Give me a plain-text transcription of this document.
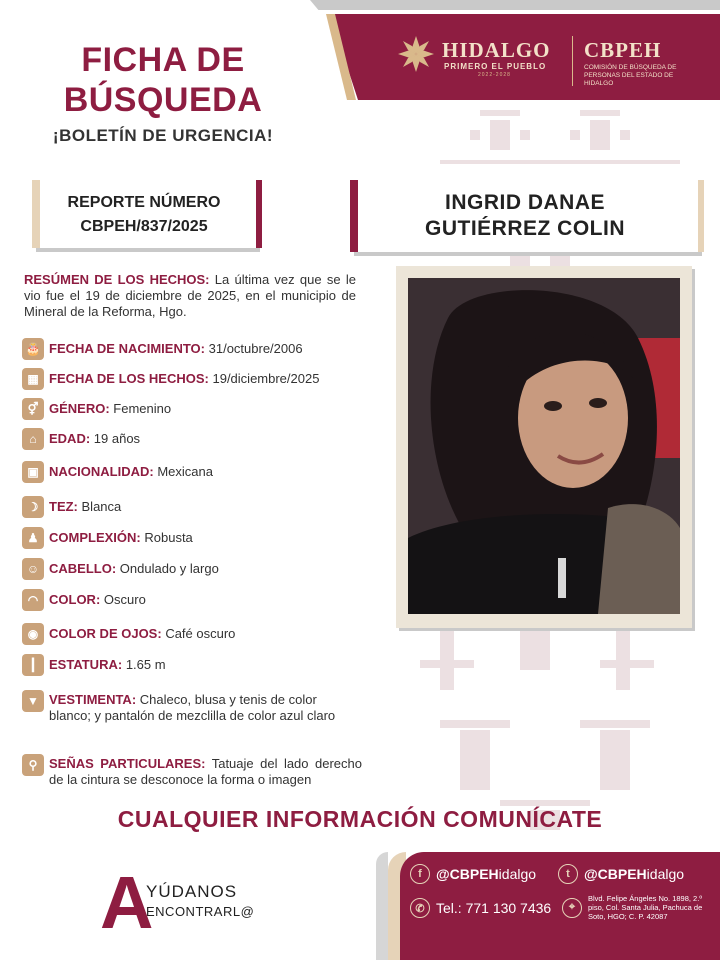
HIDALGO
PRIMERO EL PUEBLO
2022-2028
CBPEH
COMISIÓN DE BÚSQUEDA DE PERSONAS DEL ESTADO DE HIDALGO
FICHA DE
BÚSQUEDA
¡BOLETÍN DE URGENCIA!
REPORTE NÚMERO
CBPEH/837/2025
INGRID DANAE
GUTIÉRREZ COLIN
RESÚMEN DE LOS HECHOS: La última vez que se le vio fue el 19 de diciembre de 2025, en el municipio de Mineral de la Reforma, Hgo.
🎂 FECHA DE NACIMIENTO: 31/octubre/2006
▦ FECHA DE LOS HECHOS: 19/diciembre/2025
⚥ GÉNERO: Femenino
⌂ EDAD: 19 años
▣ NACIONALIDAD: Mexicana
☽ TEZ: Blanca
♟ COMPLEXIÓN: Robusta
☺ CABELLO: Ondulado y largo
◠ COLOR: Oscuro
◉ COLOR DE OJOS: Café oscuro
┃ ESTATURA: 1.65 m
▼ VESTIMENTA: Chaleco, blusa y tenis de color blanco; y pantalón de mezclilla de color azul claro
⚲ SEÑAS PARTICULARES: Tatuaje del lado derecho de la cintura se desconoce la forma o imagen
CUALQUIER INFORMACIÓN COMUNÍCATE
f	@CBPEHidalgo	t	@CBPEHidalgo
✆ Tel.: 771 130 7436	⌖
Blvd. Felipe Ángeles No. 1898, 2.º piso, Col. Santa Julia, Pachuca de Soto, HGO; C. P. 42087
A
YÚDANOS
ENCONTRARL@
